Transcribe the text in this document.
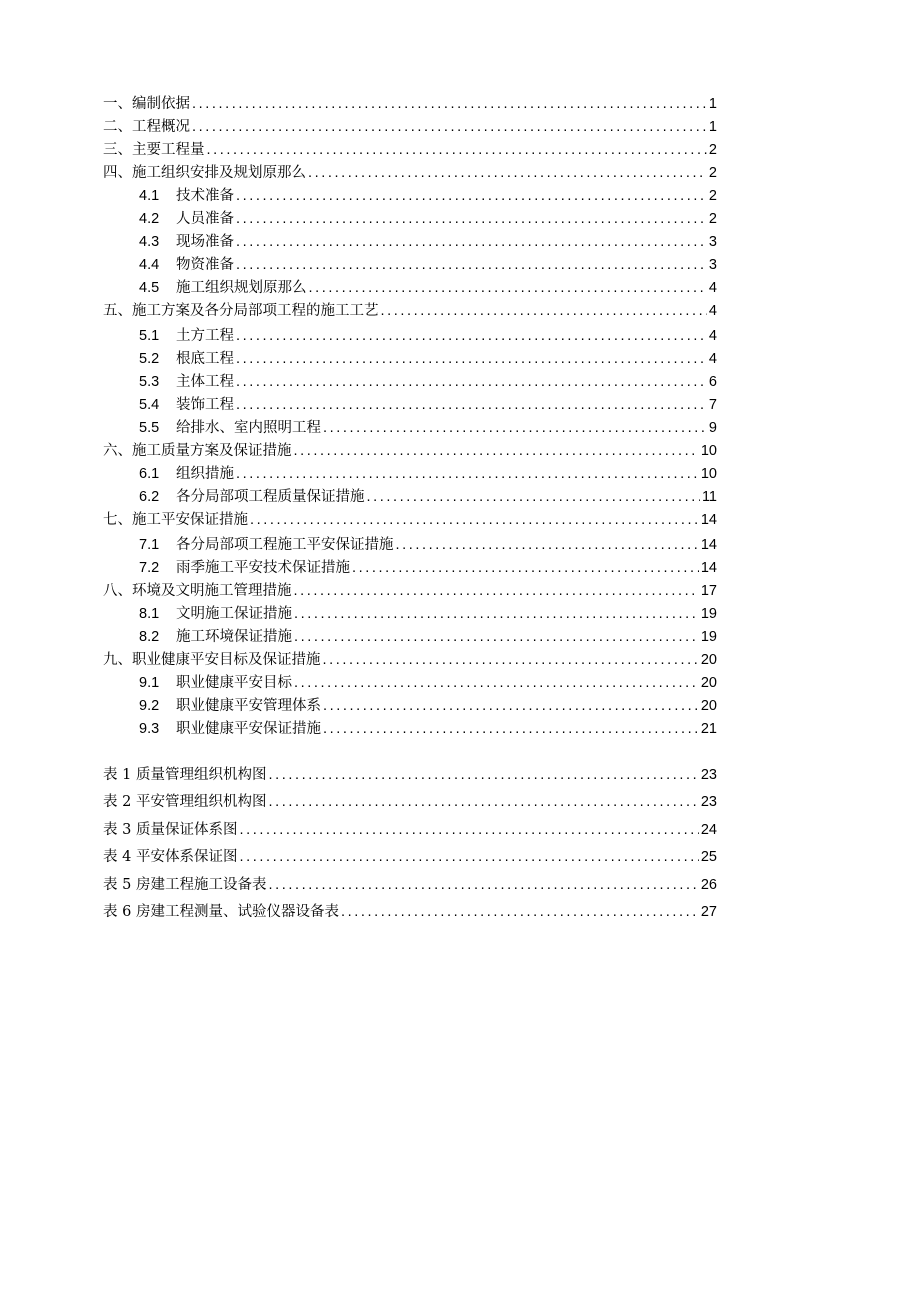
一、编制依据 .....	1
二、工程概况 .....	1
三、主要工程量 .....	2
四、施工组织安排及规划原那么 .....	2
4.1	技术准备 .....	2
4.2	人员准备 .....	2
4.3	现场准备 .....	3
4.4	物资准备 .....	3
4.5	施工组织规划原那么 .....	4
五、施工方案及各分局部项工程的施工工艺 .....	4
5.1	土方工程 .....	4
5.2	根底工程 .....	4
5.3	主体工程 .....	6
5.4	装饰工程 .....	7
5.5	给排水、室内照明工程 .....	9
六、施工质量方案及保证措施 .....	10
6.1	组织措施 .....	10
6.2	各分局部项工程质量保证措施 .....	11
七、施工平安保证措施 .....	14
7.1	各分局部项工程施工平安保证措施 .....	14
7.2	雨季施工平安技术保证措施 .....	14
八、环境及文明施工管理措施 .....	17
8.1	文明施工保证措施 .....	19
8.2	施工环境保证措施 .....	19
九、职业健康平安目标及保证措施 .....	20
9.1	职业健康平安目标 .....	20
9.2	职业健康平安管理体系 .....	20
9.3	职业健康平安保证措施 .....	21
表 1 质量管理组织机构图 .....	23
表 2 平安管理组织机构图 .....	23
表 3 质量保证体系图 .....	24
表 4 平安体系保证图 .....	25
表 5 房建工程施工设备表 .....	26
表 6 房建工程测量、试验仪器设备表 .....	27
